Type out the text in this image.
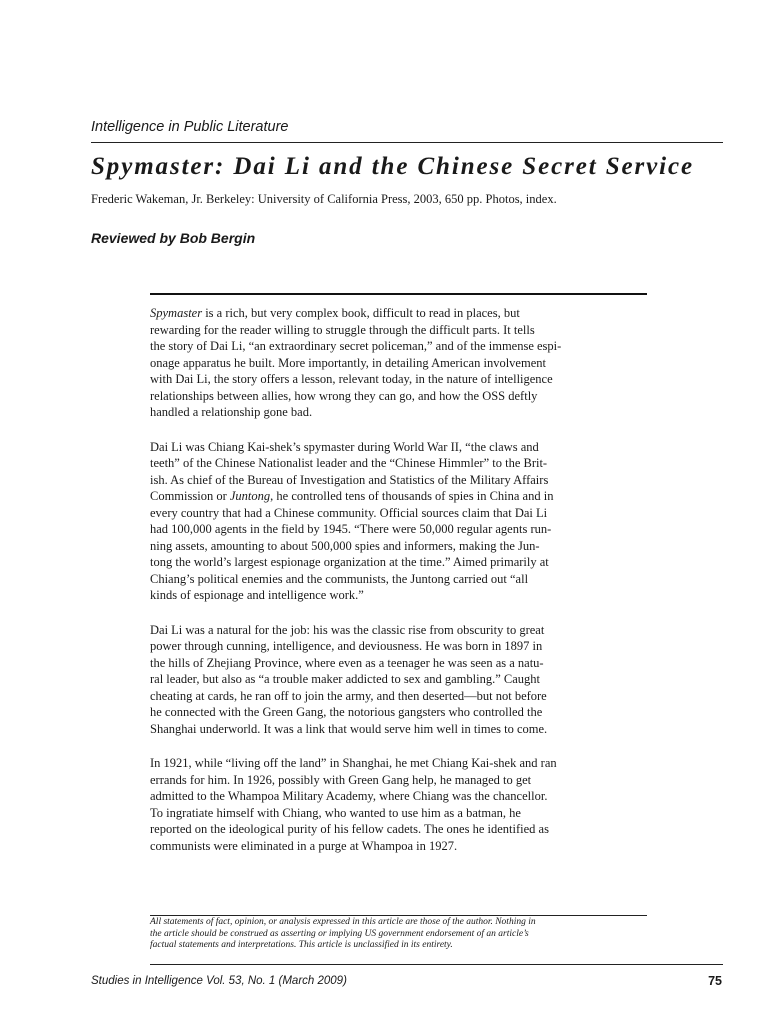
Intelligence in Public Literature
Spymaster: Dai Li and the Chinese Secret Service
Frederic Wakeman, Jr. Berkeley: University of California Press, 2003, 650 pp. Photos, index.
Reviewed by Bob Bergin

Spymaster is a rich, but very complex book, difficult to read in places, but
rewarding for the reader willing to struggle through the difficult parts. It tells
the story of Dai Li, “an extraordinary secret policeman,” and of the immense espi-
onage apparatus he built. More importantly, in detailing American involvement
with Dai Li, the story offers a lesson, relevant today, in the nature of intelligence
relationships between allies, how wrong they can go, and how the OSS deftly
handled a relationship gone bad.

Dai Li was Chiang Kai-shek’s spymaster during World War II, “the claws and
teeth” of the Chinese Nationalist leader and the “Chinese Himmler” to the Brit-
ish. As chief of the Bureau of Investigation and Statistics of the Military Affairs
Commission or Juntong, he controlled tens of thousands of spies in China and in
every country that had a Chinese community. Official sources claim that Dai Li
had 100,000 agents in the field by 1945. “There were 50,000 regular agents run-
ning assets, amounting to about 500,000 spies and informers, making the Jun-
tong the world’s largest espionage organization at the time.” Aimed primarily at
Chiang’s political enemies and the communists, the Juntong carried out “all
kinds of espionage and intelligence work.”

Dai Li was a natural for the job: his was the classic rise from obscurity to great
power through cunning, intelligence, and deviousness. He was born in 1897 in
the hills of Zhejiang Province, where even as a teenager he was seen as a natu-
ral leader, but also as “a trouble maker addicted to sex and gambling.” Caught
cheating at cards, he ran off to join the army, and then deserted—but not before
he connected with the Green Gang, the notorious gangsters who controlled the
Shanghai underworld. It was a link that would serve him well in times to come.

In 1921, while “living off the land” in Shanghai, he met Chiang Kai-shek and ran
errands for him. In 1926, possibly with Green Gang help, he managed to get
admitted to the Whampoa Military Academy, where Chiang was the chancellor.
To ingratiate himself with Chiang, who wanted to use him as a batman, he
reported on the ideological purity of his fellow cadets. The ones he identified as
communists were eliminated in a purge at Whampoa in 1927.

All statements of fact, opinion, or analysis expressed in this article are those of the author. Nothing in
the article should be construed as asserting or implying US government endorsement of an article’s
factual statements and interpretations. This article is unclassified in its entirety.
Studies in Intelligence Vol. 53, No. 1 (March 2009)	75
